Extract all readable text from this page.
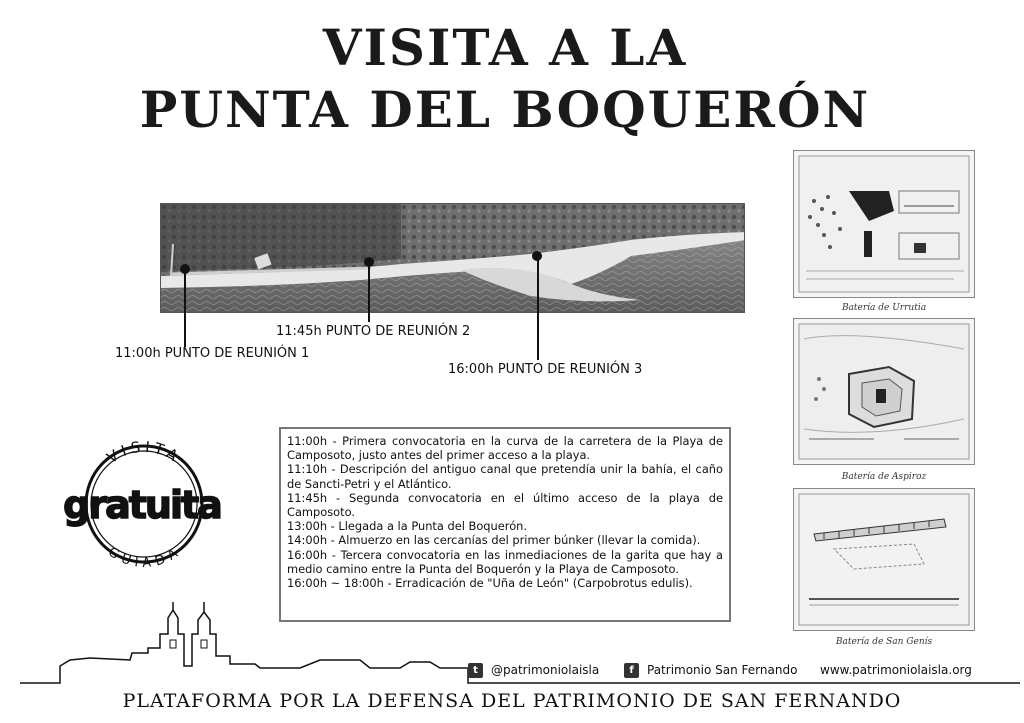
VISITA A LA
PUNTA DEL BOQUERÓN
11:00h PUNTO DE REUNIÓN 1
11:45h PUNTO DE REUNIÓN 2
16:00h PUNTO DE REUNIÓN 3
VISITA
GUIADA
gratuita

11:00h - Primera convocatoria en la curva de la carretera de la Playa de Camposoto, justo antes del primer acceso a la playa.

11:10h - Descripción del antiguo canal que pretendía unir la bahía, el caño de Sancti-Petri y el Atlántico.

11:45h - Segunda convocatoria en el último acceso de la playa de Camposoto.

13:00h - Llegada a la Punta del Boquerón.

14:00h - Almuerzo en las cercanías del primer búnker (llevar la comida).

16:00h - Tercera convocatoria en las inmediaciones de la garita que hay a medio camino entre la Punta del Boquerón y la Playa de Camposoto.

16:00h ~ 18:00h - Erradicación de "Uña de León" (Carpobrotus edulis).

Batería de Urrutia
Batería de Aspiroz
Batería de San Genís
t	@patrimoniolaisla	f	Patrimonio San Fernando www.patrimoniolaisla.org
PLATAFORMA POR LA DEFENSA DEL PATRIMONIO DE SAN FERNANDO
